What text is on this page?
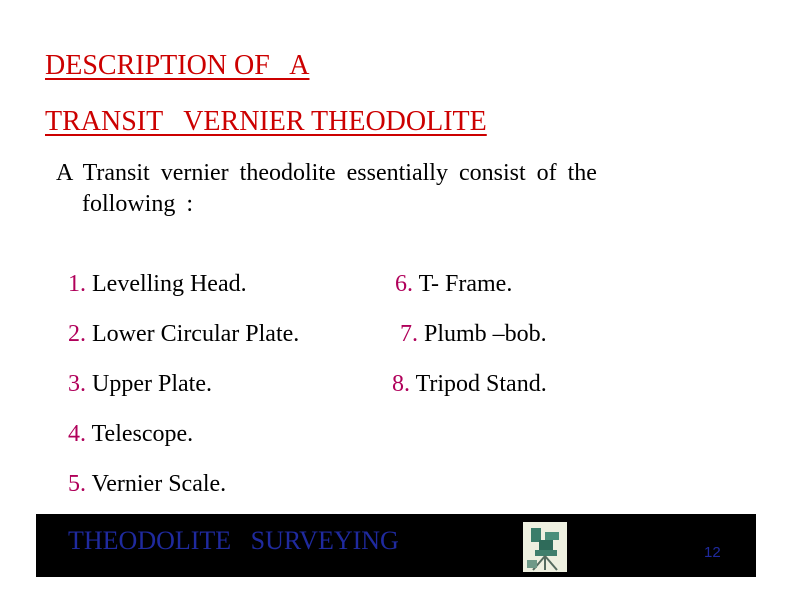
DESCRIPTION OF   A
TRANSIT   VERNIER THEODOLITE
A Transit vernier theodolite essentially consist of the
following :

1. Levelling Head.

2. Lower Circular Plate.

3. Upper Plate.

4. Telescope.

5. Vernier Scale.

6. T- Frame.

7. Plumb –bob.

8. Tripod Stand.

THEODOLITE   SURVEYING	12
